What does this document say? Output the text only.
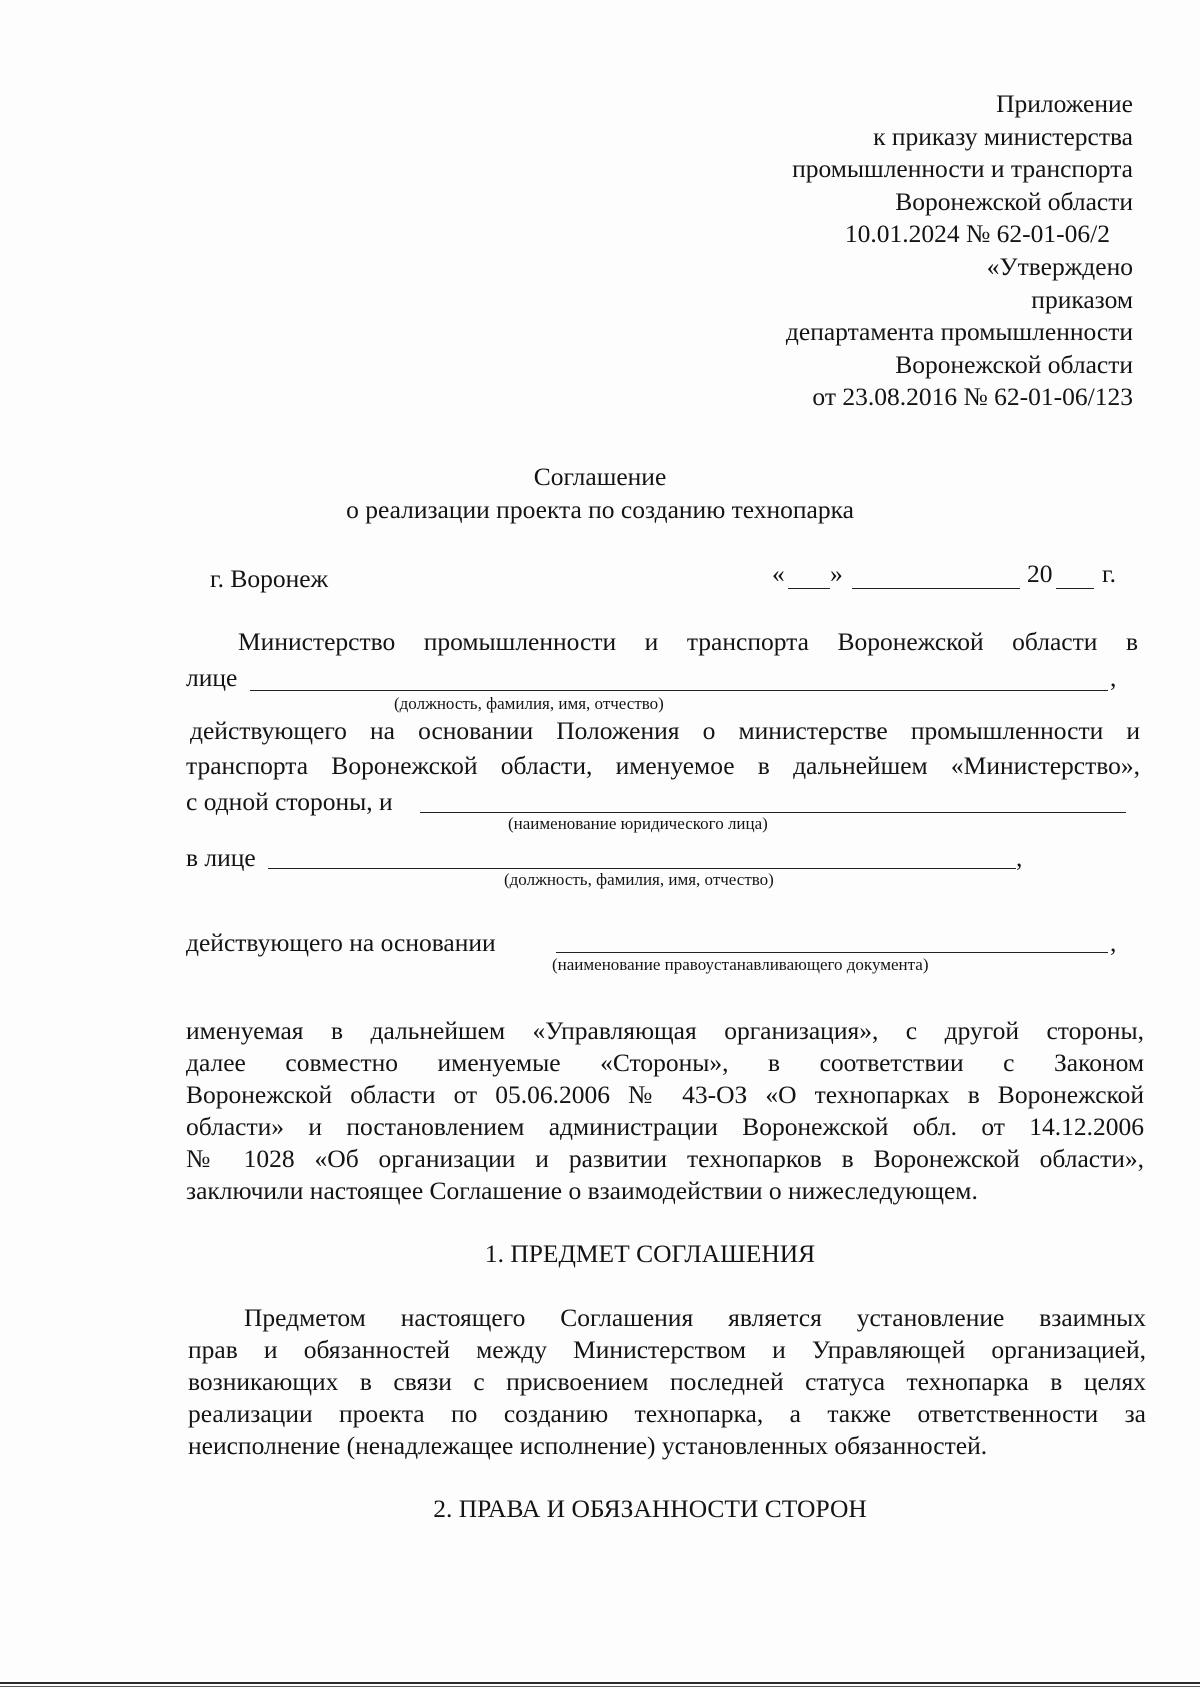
Приложение
к приказу министерства
промышленности и транспорта
Воронежской области
10.01.2024 № 62-01-06/2
«Утверждено
приказом
департамента промышленности
Воронежской области
от 23.08.2016 № 62-01-06/123
Соглашение
о реализации проекта по созданию технопарка
г. Воронеж	« »	20 г.
Министерство промышленности и транспорта Воронежской области в
лице	,
(должность, фамилия, имя, отчество)
действующего на основании Положения о министерстве промышленности и
транспорта Воронежской области, именуемое в дальнейшем «Министерство»,
с одной стороны, и
(наименование юридического лица)
в лице	,
(должность, фамилия, имя, отчество)
действующего на основании	,
(наименование правоустанавливающего документа)
именуемая в дальнейшем «Управляющая организация», с другой стороны,
далее совместно именуемые «Стороны», в соответствии с Законом
Воронежской области от 05.06.2006 № 43-ОЗ «О технопарках в Воронежской
области» и постановлением администрации Воронежской обл. от 14.12.2006
№ 1028 «Об организации и развитии технопарков в Воронежской области»,
заключили настоящее Соглашение о взаимодействии о нижеследующем.
1. ПРЕДМЕТ СОГЛАШЕНИЯ
Предметом настоящего Соглашения является установление взаимных
прав и обязанностей между Министерством и Управляющей организацией,
возникающих в связи с присвоением последней статуса технопарка в целях
реализации проекта по созданию технопарка, а также ответственности за
неисполнение (ненадлежащее исполнение) установленных обязанностей.
2. ПРАВА И ОБЯЗАННОСТИ СТОРОН
